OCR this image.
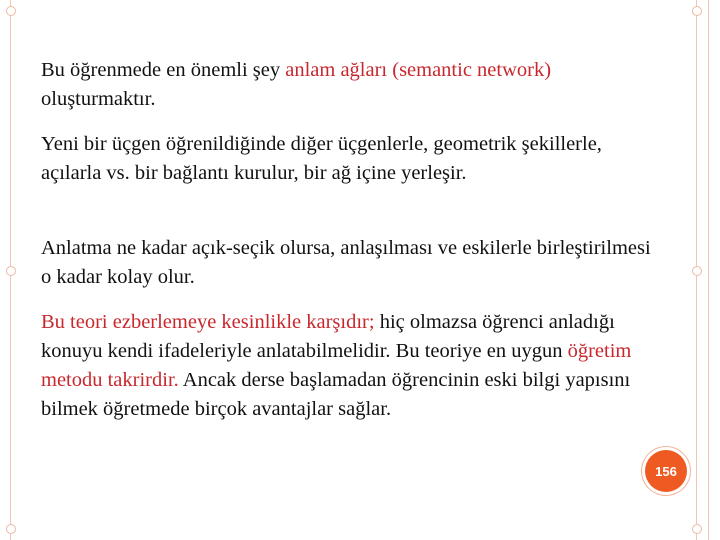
Bu öğrenmede en önemli şey anlam ağları (semantic network) oluşturmaktır.

Yeni bir üçgen öğrenildiğinde diğer üçgenlerle, geometrik şekillerle, açılarla vs. bir bağlantı kurulur, bir ağ içine yerleşir.

Anlatma ne kadar açık-seçik olursa, anlaşılması ve eskilerle birleştirilmesi o kadar kolay olur.

Bu teori ezberlemeye kesinlikle karşıdır; hiç olmazsa öğrenci anladığı konuyu kendi ifadeleriyle anlatabilmelidir. Bu teoriye en uygun öğretim metodu takrirdir. Ancak derse başlamadan öğrencinin eski bilgi yapısını bilmek öğretmede birçok avantajlar sağlar.

156
